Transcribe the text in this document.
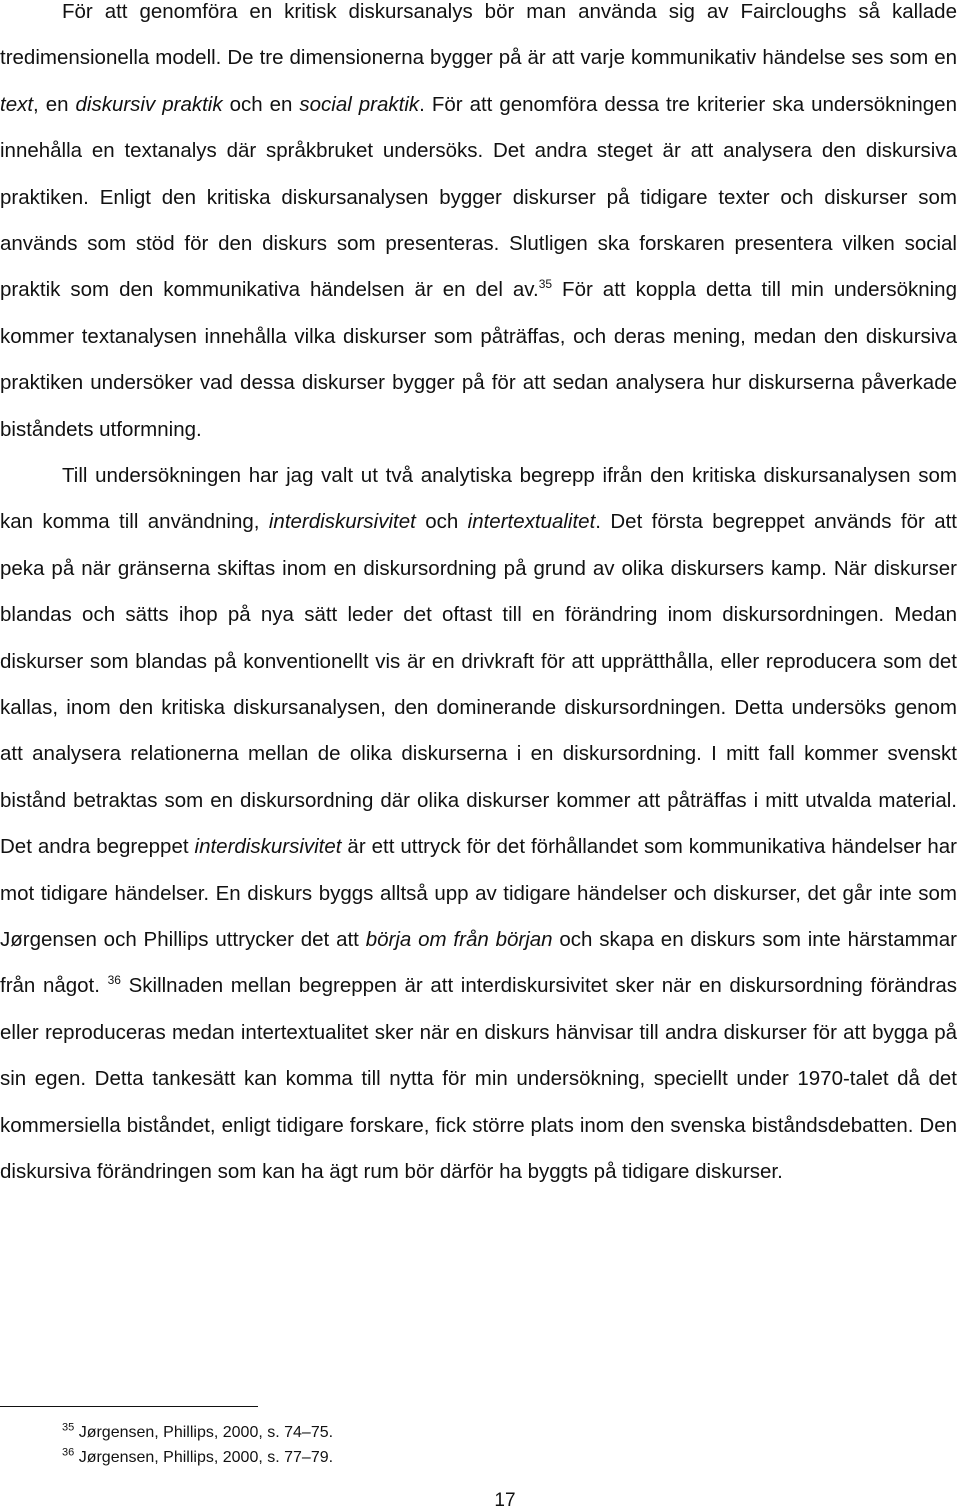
För att genomföra en kritisk diskursanalys bör man använda sig av Faircloughs så kallade tredimensionella modell. De tre dimensionerna bygger på är att varje kommunikativ händelse ses som en text, en diskursiv praktik och en social praktik. För att genomföra dessa tre kriterier ska undersökningen innehålla en textanalys där språkbruket undersöks. Det andra steget är att analysera den diskursiva praktiken. Enligt den kritiska diskursanalysen bygger diskurser på tidigare texter och diskurser som används som stöd för den diskurs som presenteras. Slutligen ska forskaren presentera vilken social praktik som den kommunikativa händelsen är en del av.$^{35}$ För att koppla detta till min undersökning kommer textanalysen innehålla vilka diskurser som påträffas, och deras mening, medan den diskursiva praktiken undersöker vad dessa diskurser bygger på för att sedan analysera hur diskurserna påverkade biståndets utformning.

Till undersökningen har jag valt ut två analytiska begrepp ifrån den kritiska diskursanalysen som kan komma till användning, interdiskursivitet och intertextualitet. Det första begreppet används för att peka på när gränserna skiftas inom en diskursordning på grund av olika diskursers kamp. När diskurser blandas och sätts ihop på nya sätt leder det oftast till en förändring inom diskursordningen. Medan diskurser som blandas på konventionellt vis är en drivkraft för att upprätthålla, eller reproducera som det kallas, inom den kritiska diskursanalysen, den dominerande diskursordningen. Detta undersöks genom att analysera relationerna mellan de olika diskurserna i en diskursordning. I mitt fall kommer svenskt bistånd betraktas som en diskursordning där olika diskurser kommer att påträffas i mitt utvalda material. Det andra begreppet interdiskursivitet är ett uttryck för det förhållandet som kommunikativa händelser har mot tidigare händelser. En diskurs byggs alltså upp av tidigare händelser och diskurser, det går inte som Jørgensen och Phillips uttrycker det att börja om från början och skapa en diskurs som inte härstammar från något. $^{36}$ Skillnaden mellan begreppen är att interdiskursivitet sker när en diskursordning förändras eller reproduceras medan intertextualitet sker när en diskurs hänvisar till andra diskurser för att bygga på sin egen. Detta tankesätt kan komma till nytta för min undersökning, speciellt under 1970-talet då det kommersiella biståndet, enligt tidigare forskare, fick större plats inom den svenska biståndsdebatten. Den diskursiva förändringen som kan ha ägt rum bör därför ha byggts på tidigare diskurser.

$^{35}$ Jørgensen, Phillips, 2000, s. 74–75.

$^{36}$ Jørgensen, Phillips, 2000, s. 77–79.

17
